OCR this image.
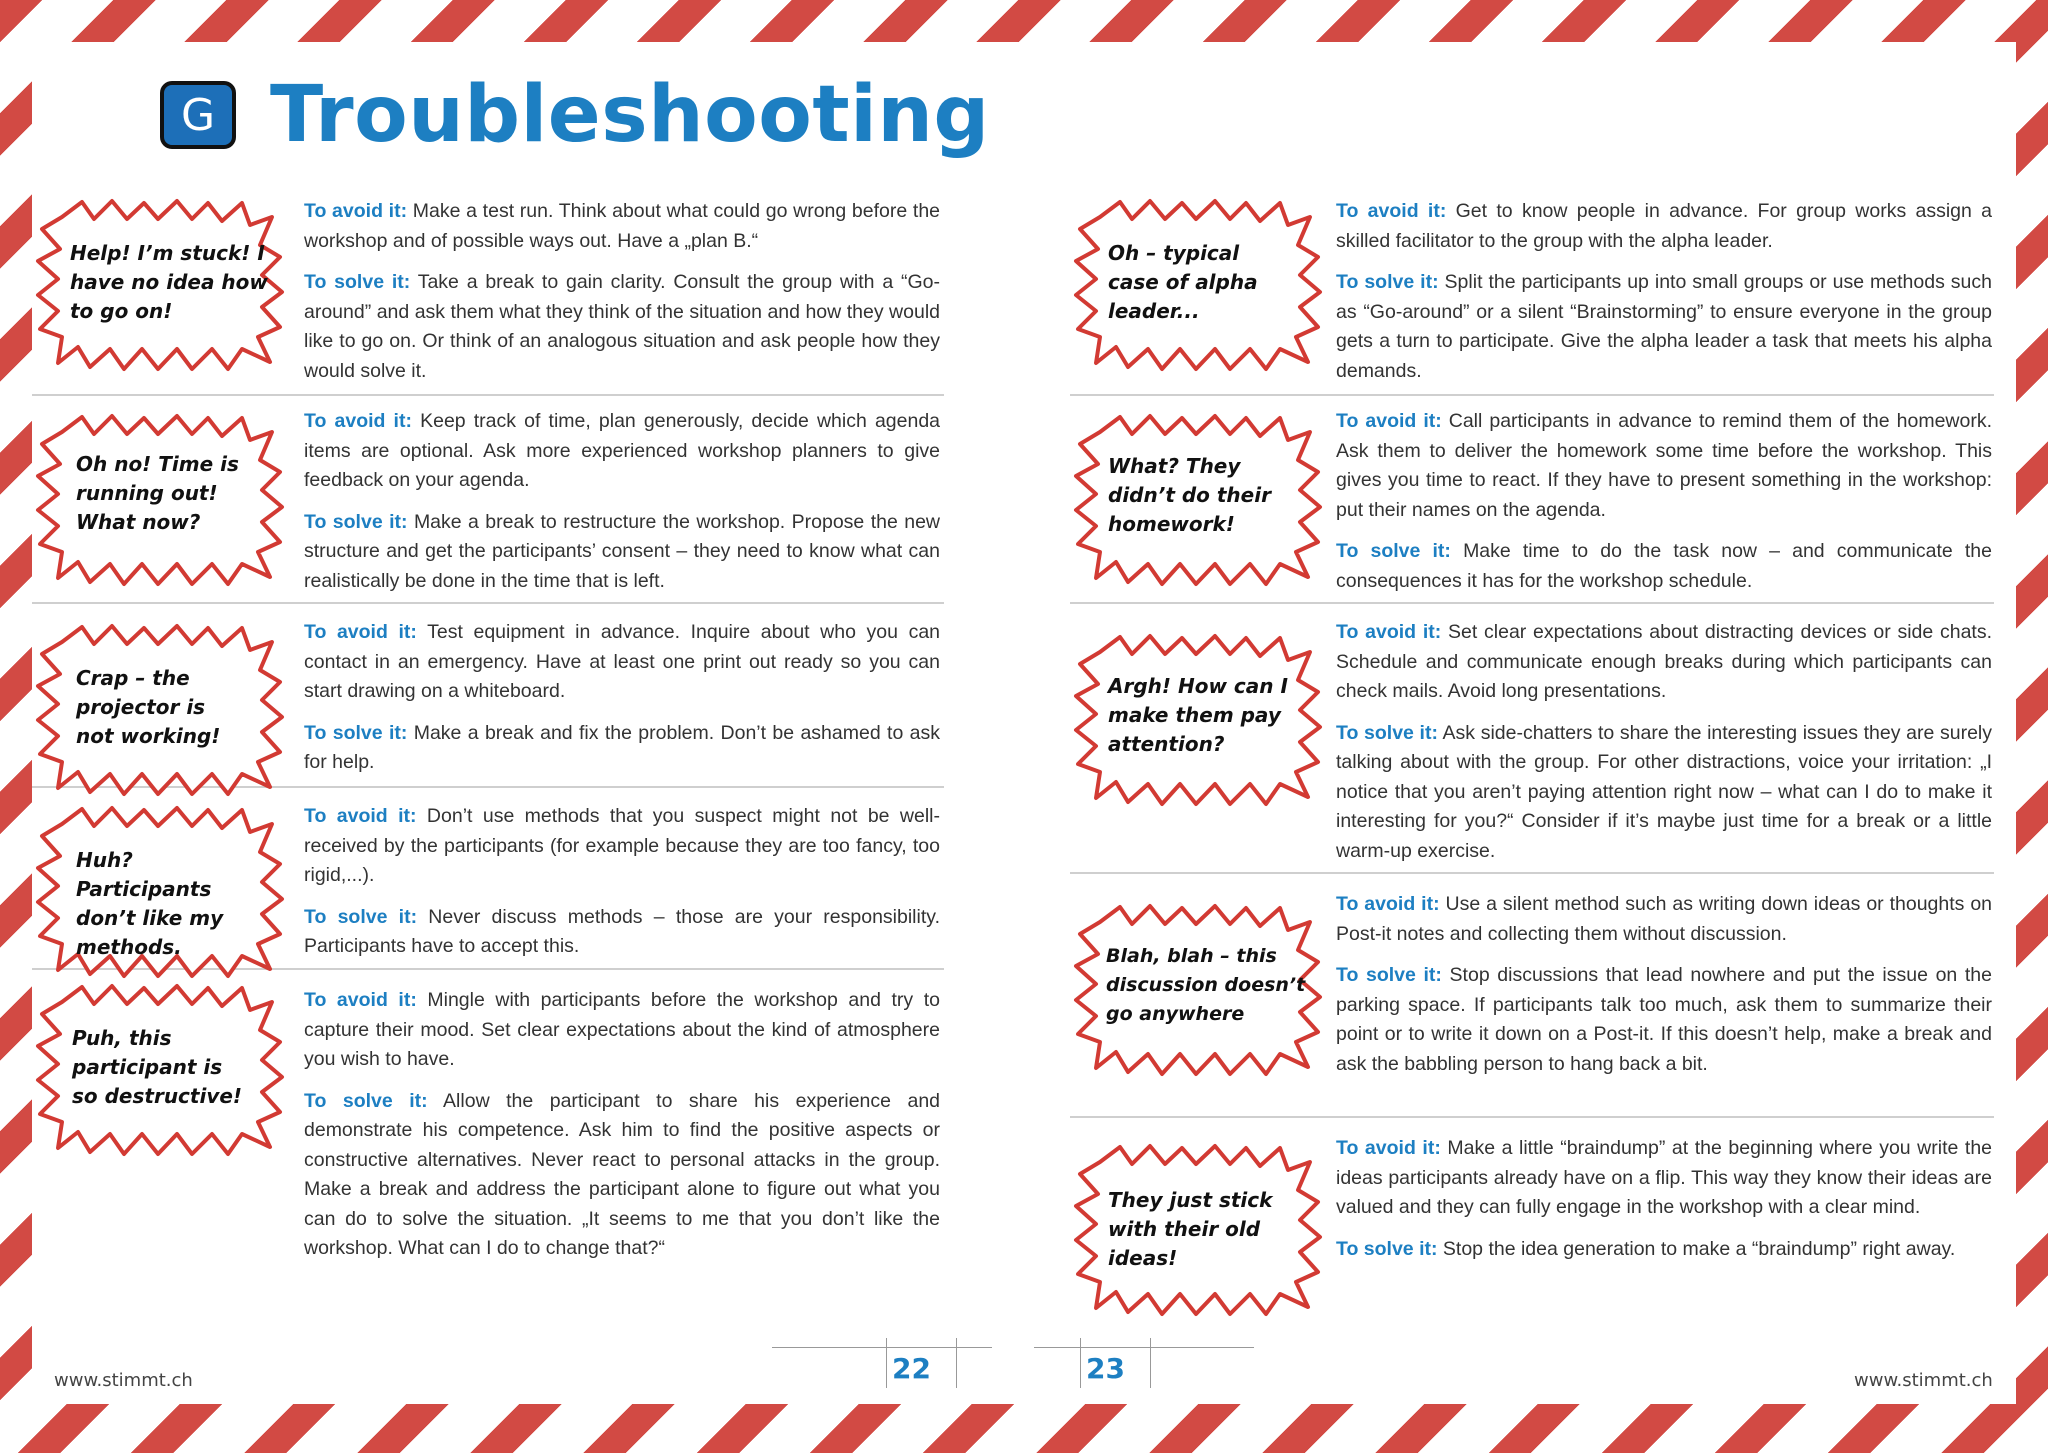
G Troubleshooting
Help! I’m stuck! I have no idea how to go on!

To avoid it: Make a test run. Think about what could go wrong before the workshop and of possible ways out. Have a „plan B.“

To solve it: Take a break to gain clarity. Consult the group with a “Go-around” and ask them what they think of the situation and how they would like to go on. Or think of an analogous situation and ask people how they would solve it.

Oh no! Time is running out! What now?

To avoid it: Keep track of time, plan generously, decide which agenda items are optional. Ask more experienced workshop planners to give feedback on your agenda.

To solve it: Make a break to restructure the workshop. Propose the new structure and get the participants’ consent – they need to know what can realistically be done in the time that is left.

Crap – the projector is not working!

To avoid it: Test equipment in advance. Inquire about who you can contact in an emergency. Have at least one print out ready so you can start drawing on a whiteboard.

To solve it: Make a break and fix the problem. Don’t be ashamed to ask for help.

Huh? Participants don’t like my methods.

To avoid it: Don’t use methods that you suspect might not be well-received by the participants (for example because they are too fancy, too rigid,...).

To solve it: Never discuss methods – those are your responsibility. Participants have to accept this.

Puh, this participant is so destructive!

To avoid it: Mingle with participants before the workshop and try to capture their mood. Set clear expectations about the kind of atmosphere you wish to have.

To solve it: Allow the participant to share his experience and demonstrate his competence. Ask him to find the positive aspects or constructive alternatives. Never react to personal attacks in the group. Make a break and address the participant alone to figure out what you can do to solve the situation. „It seems to me that you don’t like the workshop. What can I do to change that?“

www.stimmt.ch	22
Oh – typical case of alpha leader...

To avoid it: Get to know people in advance. For group works assign a skilled facilitator to the group with the alpha leader.

To solve it: Split the participants up into small groups or use methods such as “Go-around” or a silent “Brainstorming” to ensure everyone in the group gets a turn to participate. Give the alpha leader a task that meets his alpha demands.

What? They didn’t do their homework!

To avoid it: Call participants in advance to remind them of the homework. Ask them to deliver the homework some time before the workshop. This gives you time to react. If they have to present something in the workshop: put their names on the agenda.

To solve it: Make time to do the task now – and communicate the consequences it has for the workshop schedule.

Argh! How can I make them pay attention?

To avoid it: Set clear expectations about distracting devices or side chats. Schedule and communicate enough breaks during which participants can check mails. Avoid long presentations.

To solve it: Ask side-chatters to share the interesting issues they are surely talking about with the group. For other distractions, voice your irritation: „I notice that you aren’t paying attention right now – what can I do to make it interesting for you?“ Consider if it’s maybe just time for a break or a little warm-up exercise.

Blah, blah – this discussion doesn’t go anywhere

To avoid it: Use a silent method such as writing down ideas or thoughts on Post-it notes and collecting them without discussion.

To solve it: Stop discussions that lead nowhere and put the issue on the parking space. If participants talk too much, ask them to summarize their point or to write it down on a Post-it. If this doesn’t help, make a break and ask the babbling person to hang back a bit.

They just stick with their old ideas!

To avoid it: Make a little “braindump” at the beginning where you write the ideas participants already have on a flip. This way they know their ideas are valued and they can fully engage in the workshop with a clear mind.

To solve it: Stop the idea generation to make a “braindump” right away.

23	www.stimmt.ch
